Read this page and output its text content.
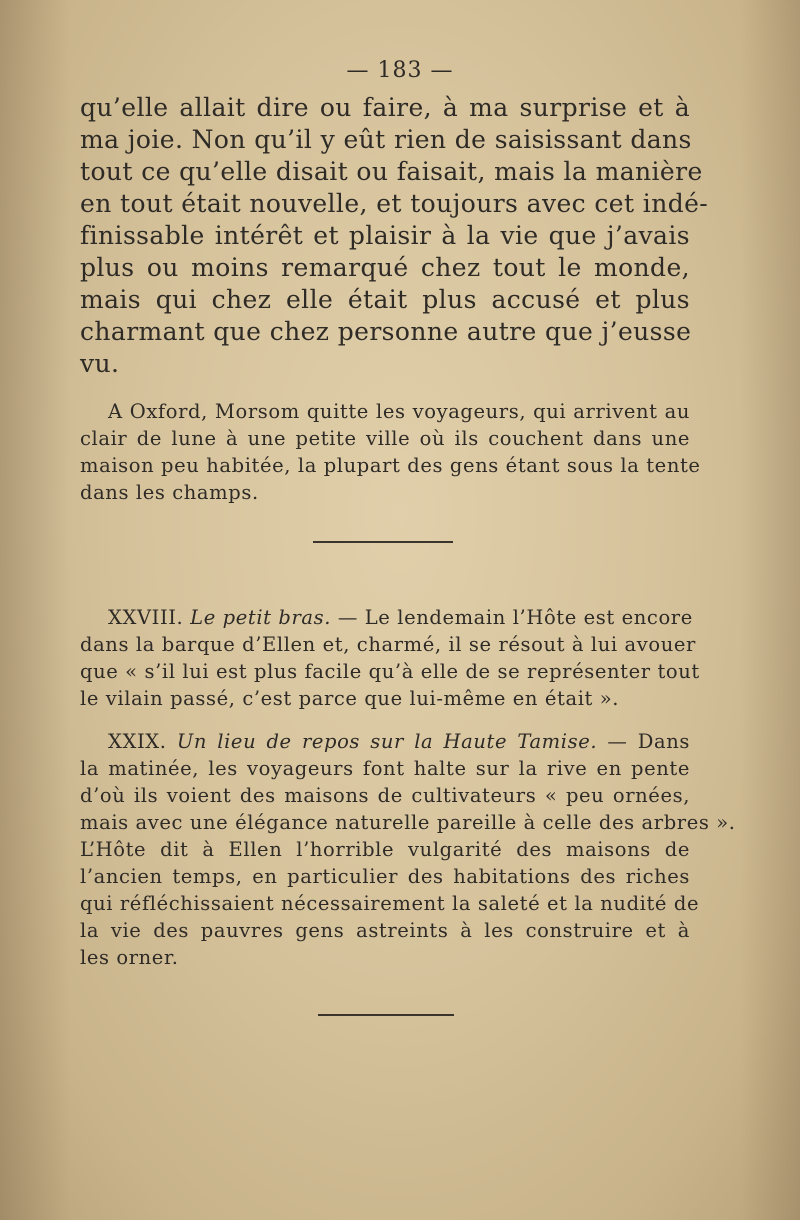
— 183 —
qu’elle allait dire ou faire, à ma surprise et à
ma joie. Non qu’il y eût rien de saisissant dans
tout ce qu’elle disait ou faisait, mais la manière
en tout était nouvelle, et toujours avec cet indé-
finissable intérêt et plaisir à la vie que j’avais
plus ou moins remarqué chez tout le monde,
mais qui chez elle était plus accusé et plus
charmant que chez personne autre que j’eusse
vu.
A Oxford, Morsom quitte les voyageurs, qui arrivent au
clair de lune à une petite ville où ils couchent dans une
maison peu habitée, la plupart des gens étant sous la tente
dans les champs.
XXVIII. Le petit bras. — Le lendemain l’Hôte est encore
dans la barque d’Ellen et, charmé, il se résout à lui avouer
que « s’il lui est plus facile qu’à elle de se représenter tout
le vilain passé, c’est parce que lui-même en était ».
XXIX. Un lieu de repos sur la Haute Tamise. — Dans
la matinée, les voyageurs font halte sur la rive en pente
d’où ils voient des maisons de cultivateurs « peu ornées,
mais avec une élégance naturelle pareille à celle des arbres ».
L’Hôte dit à Ellen l’horrible vulgarité des maisons de
l’ancien temps, en particulier des habitations des riches
qui réfléchissaient nécessairement la saleté et la nudité de
la vie des pauvres gens astreints à les construire et à
les orner.
